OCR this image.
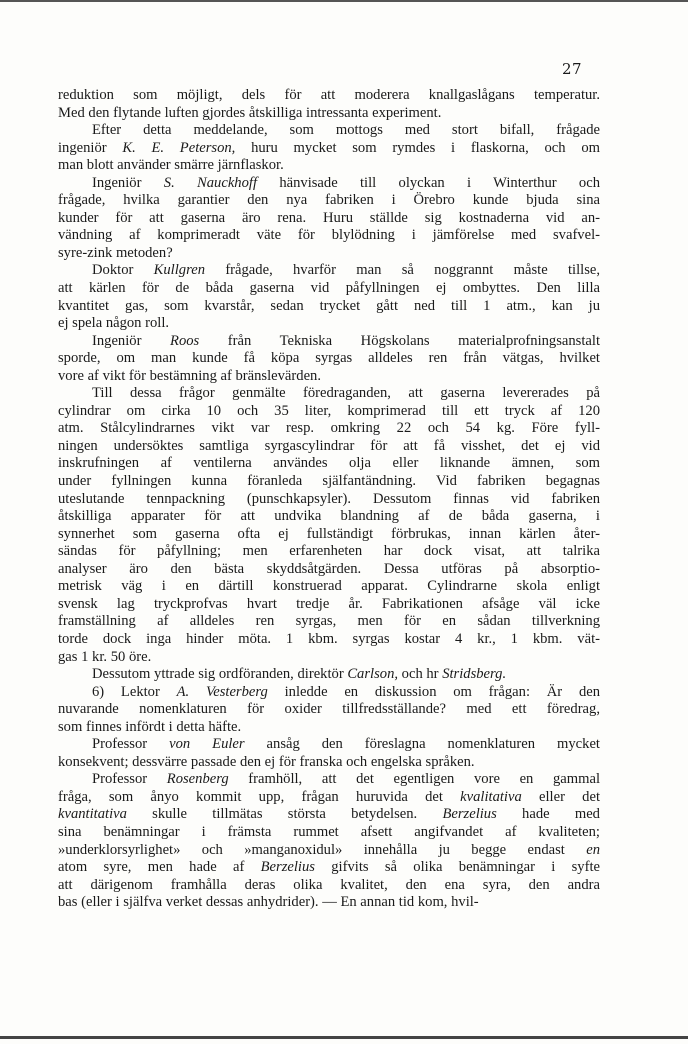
27
reduktion som möjligt, dels för att moderera knallgaslågans temperatur.
Med den flytande luften gjordes åtskilliga intressanta experiment.
Efter detta meddelande, som mottogs med stort bifall, frågade
ingeniör K. E. Peterson, huru mycket som rymdes i flaskorna, och om
man blott använder smärre järnflaskor.
Ingeniör S. Nauckhoff hänvisade till olyckan i Winterthur och
frågade, hvilka garantier den nya fabriken i Örebro kunde bjuda sina
kunder för att gaserna äro rena. Huru ställde sig kostnaderna vid an-
vändning af komprimeradt väte för blylödning i jämförelse med svafvel-
syre-zink metoden?
Doktor Kullgren frågade, hvarför man så noggrannt måste tillse,
att kärlen för de båda gaserna vid påfyllningen ej ombyttes. Den lilla
kvantitet gas, som kvarstår, sedan trycket gått ned till 1 atm., kan ju
ej spela någon roll.
Ingeniör Roos från Tekniska Högskolans materialprofningsanstalt
sporde, om man kunde få köpa syrgas alldeles ren från vätgas, hvilket
vore af vikt för bestämning af bränslevärden.
Till dessa frågor genmälte föredraganden, att gaserna levererades på
cylindrar om cirka 10 och 35 liter, komprimerad till ett tryck af 120
atm. Stålcylindrarnes vikt var resp. omkring 22 och 54 kg. Före fyll-
ningen undersöktes samtliga syrgascylindrar för att få visshet, det ej vid
inskrufningen af ventilerna användes olja eller liknande ämnen, som
under fyllningen kunna föranleda själfantändning. Vid fabriken begagnas
uteslutande tennpackning (punschkapsyler). Dessutom finnas vid fabriken
åtskilliga apparater för att undvika blandning af de båda gaserna, i
synnerhet som gaserna ofta ej fullständigt förbrukas, innan kärlen åter-
sändas för påfyllning; men erfarenheten har dock visat, att talrika
analyser äro den bästa skyddsåtgärden. Dessa utföras på absorptio-
metrisk väg i en därtill konstruerad apparat. Cylindrarne skola enligt
svensk lag tryckprofvas hvart tredje år. Fabrikationen afsåge väl icke
framställning af alldeles ren syrgas, men för en sådan tillverkning
torde dock inga hinder möta. 1 kbm. syrgas kostar 4 kr., 1 kbm. vät-
gas 1 kr. 50 öre.
Dessutom yttrade sig ordföranden, direktör Carlson, och hr Stridsberg.
6) Lektor A. Vesterberg inledde en diskussion om frågan: Är den
nuvarande nomenklaturen för oxider tillfredsställande? med ett föredrag,
som finnes infördt i detta häfte.
Professor von Euler ansåg den föreslagna nomenklaturen mycket
konsekvent; dessvärre passade den ej för franska och engelska språken.
Professor Rosenberg framhöll, att det egentligen vore en gammal
fråga, som ånyo kommit upp, frågan huruvida det kvalitativa eller det
kvantitativa skulle tillmätas största betydelsen. Berzelius hade med
sina benämningar i främsta rummet afsett angifvandet af kvaliteten;
»underklorsyrlighet» och »manganoxidul» innehålla ju begge endast en
atom syre, men hade af Berzelius gifvits så olika benämningar i syfte
att därigenom framhålla deras olika kvalitet, den ena syra, den andra
bas (eller i själfva verket dessas anhydrider). — En annan tid kom, hvil-
